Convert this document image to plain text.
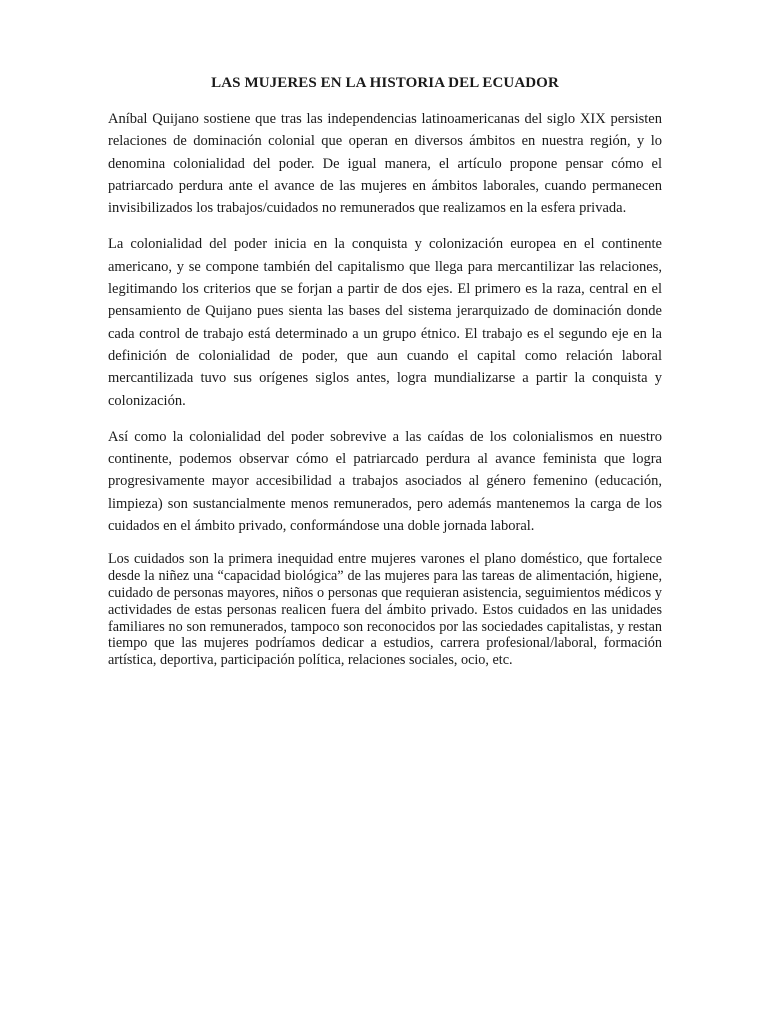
LAS MUJERES EN LA HISTORIA DEL ECUADOR

Aníbal Quijano sostiene que tras las independencias latinoamericanas del siglo XIX persisten relaciones de dominación colonial que operan en diversos ámbitos en nuestra región, y lo denomina colonialidad del poder. De igual manera, el artículo propone pensar cómo el patriarcado perdura ante el avance de las mujeres en ámbitos laborales, cuando permanecen invisibilizados los trabajos/cuidados no remunerados que realizamos en la esfera privada.

La colonialidad del poder inicia en la conquista y colonización europea en el continente americano, y se compone también del capitalismo que llega para mercantilizar las relaciones, legitimando los criterios que se forjan a partir de dos ejes. El primero es la raza, central en el pensamiento de Quijano pues sienta las bases del sistema jerarquizado de dominación donde cada control de trabajo está determinado a un grupo étnico. El trabajo es el segundo eje en la definición de colonialidad de poder, que aun cuando el capital como relación laboral mercantilizada tuvo sus orígenes siglos antes, logra mundializarse a partir la conquista y colonización.

Así como la colonialidad del poder sobrevive a las caídas de los colonialismos en nuestro continente, podemos observar cómo el patriarcado perdura al avance feminista que logra progresivamente mayor accesibilidad a trabajos asociados al género femenino (educación, limpieza) son sustancialmente menos remunerados, pero además mantenemos la carga de los cuidados en el ámbito privado, conformándose una doble jornada laboral.

Los cuidados son la primera inequidad entre mujeres varones el plano doméstico, que fortalece desde la niñez una “capacidad biológica” de las mujeres para las tareas de alimentación, higiene, cuidado de personas mayores, niños o personas que requieran asistencia, seguimientos médicos y actividades de estas personas realicen fuera del ámbito privado. Estos cuidados en las unidades familiares no son remunerados, tampoco son reconocidos por las sociedades capitalistas, y restan tiempo que las mujeres podríamos dedicar a estudios, carrera profesional/laboral, formación artística, deportiva, participación política, relaciones sociales, ocio, etc.
